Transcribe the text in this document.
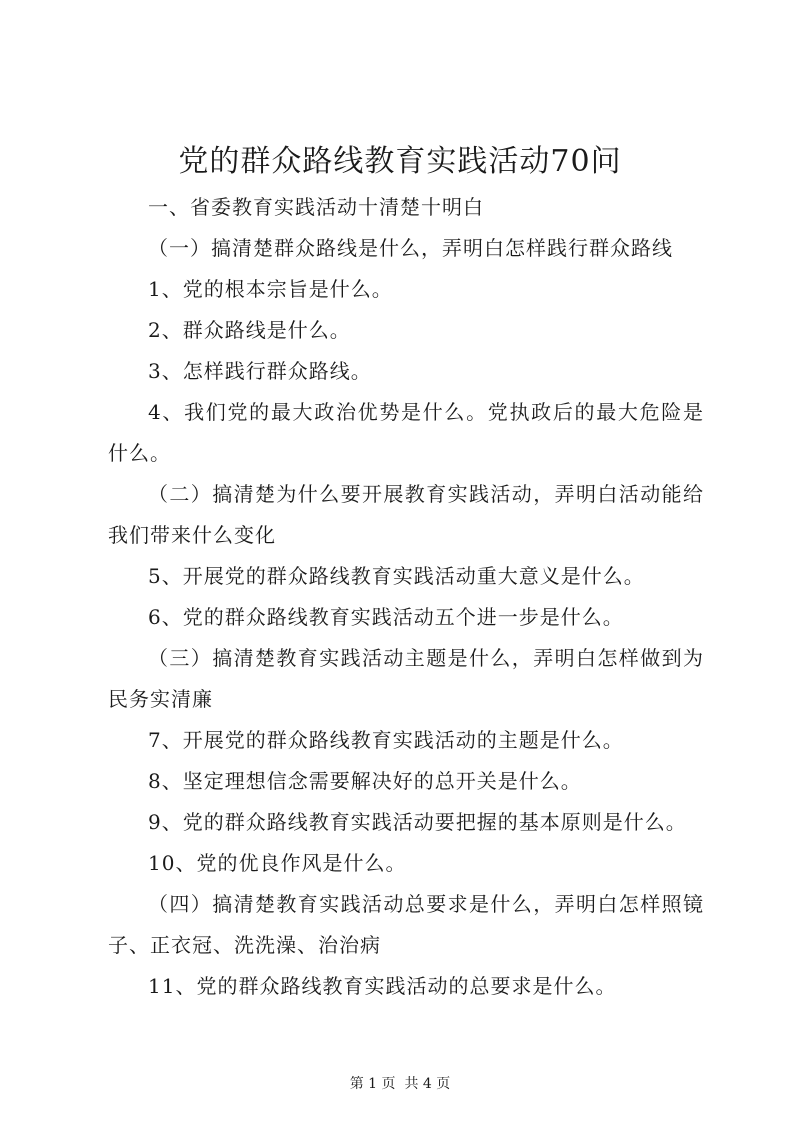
党的群众路线教育实践活动70问

一、省委教育实践活动十清楚十明白

（一）搞清楚群众路线是什么，弄明白怎样践行群众路线

1、党的根本宗旨是什么。

2、群众路线是什么。

3、怎样践行群众路线。

4、我们党的最大政治优势是什么。党执政后的最大危险是什么。

（二）搞清楚为什么要开展教育实践活动，弄明白活动能给我们带来什么变化

5、开展党的群众路线教育实践活动重大意义是什么。

6、党的群众路线教育实践活动五个进一步是什么。

（三）搞清楚教育实践活动主题是什么，弄明白怎样做到为民务实清廉

7、开展党的群众路线教育实践活动的主题是什么。

8、坚定理想信念需要解决好的总开关是什么。

9、党的群众路线教育实践活动要把握的基本原则是什么。

10、党的优良作风是什么。

（四）搞清楚教育实践活动总要求是什么，弄明白怎样照镜子、正衣冠、洗洗澡、治治病

11、党的群众路线教育实践活动的总要求是什么。

第 1 页  共 4 页
